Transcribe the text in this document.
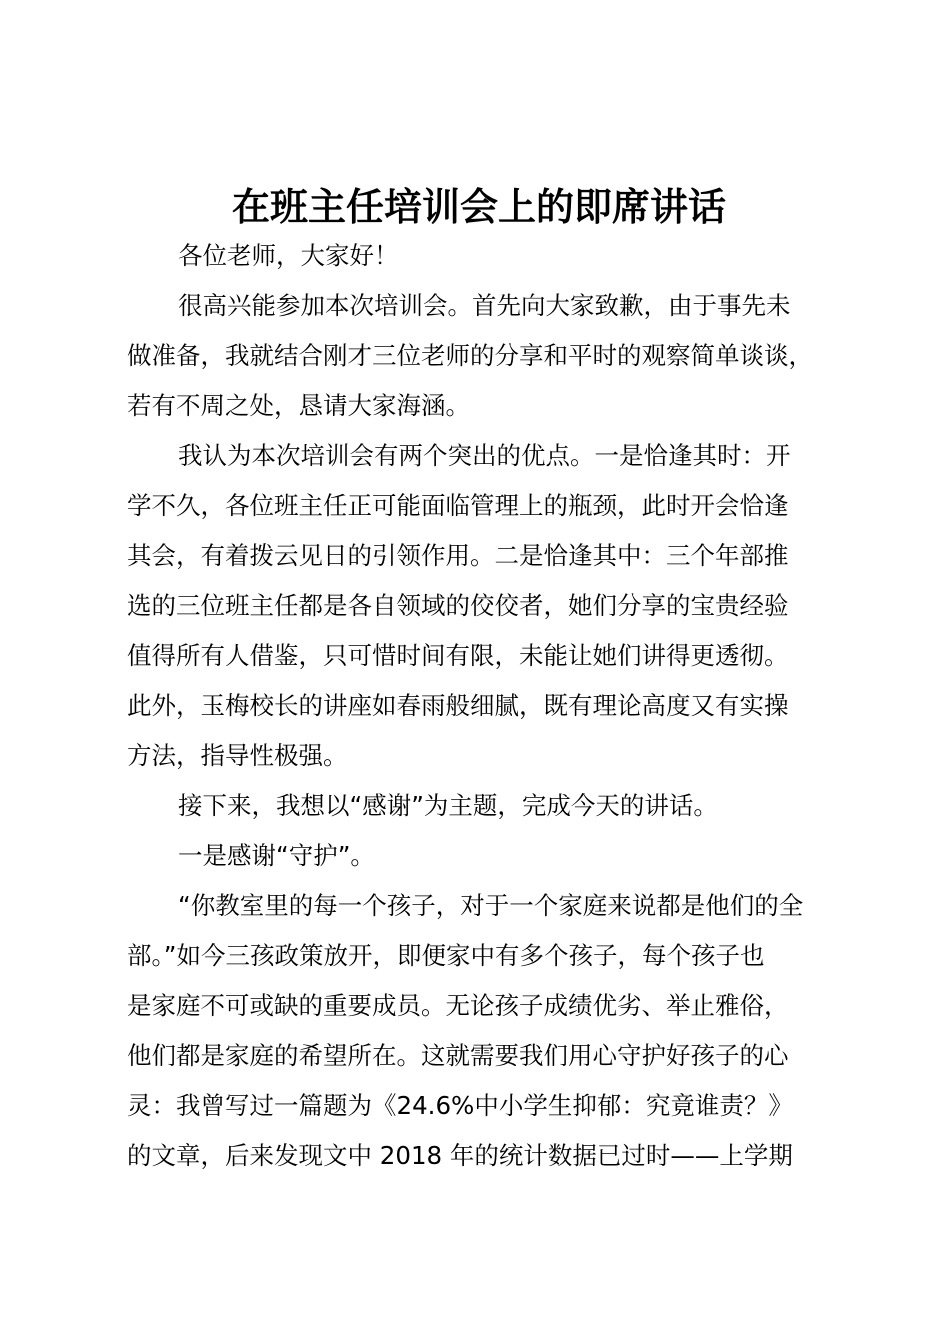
在班主任培训会上的即席讲话
各位老师，大家好！
很高兴能参加本次培训会。首先向大家致歉，由于事先未
做准备，我就结合刚才三位老师的分享和平时的观察简单谈谈，
若有不周之处，恳请大家海涵。
我认为本次培训会有两个突出的优点。一是恰逢其时：开
学不久，各位班主任正可能面临管理上的瓶颈，此时开会恰逢
其会，有着拨云见日的引领作用。二是恰逢其中：三个年部推
选的三位班主任都是各自领域的佼佼者，她们分享的宝贵经验
值得所有人借鉴，只可惜时间有限，未能让她们讲得更透彻。
此外，玉梅校长的讲座如春雨般细腻，既有理论高度又有实操
方法，指导性极强。
接下来，我想以“感谢”为主题，完成今天的讲话。
一是感谢“守护”。
“你教室里的每一个孩子，对于一个家庭来说都是他们的全
部。”如今三孩政策放开，即便家中有多个孩子，每个孩子也
是家庭不可或缺的重要成员。无论孩子成绩优劣、举止雅俗，
他们都是家庭的希望所在。这就需要我们用心守护好孩子的心
灵：我曾写过一篇题为《24.6%中小学生抑郁：究竟谁责？》
的文章，后来发现文中 2018 年的统计数据已过时——上学期
